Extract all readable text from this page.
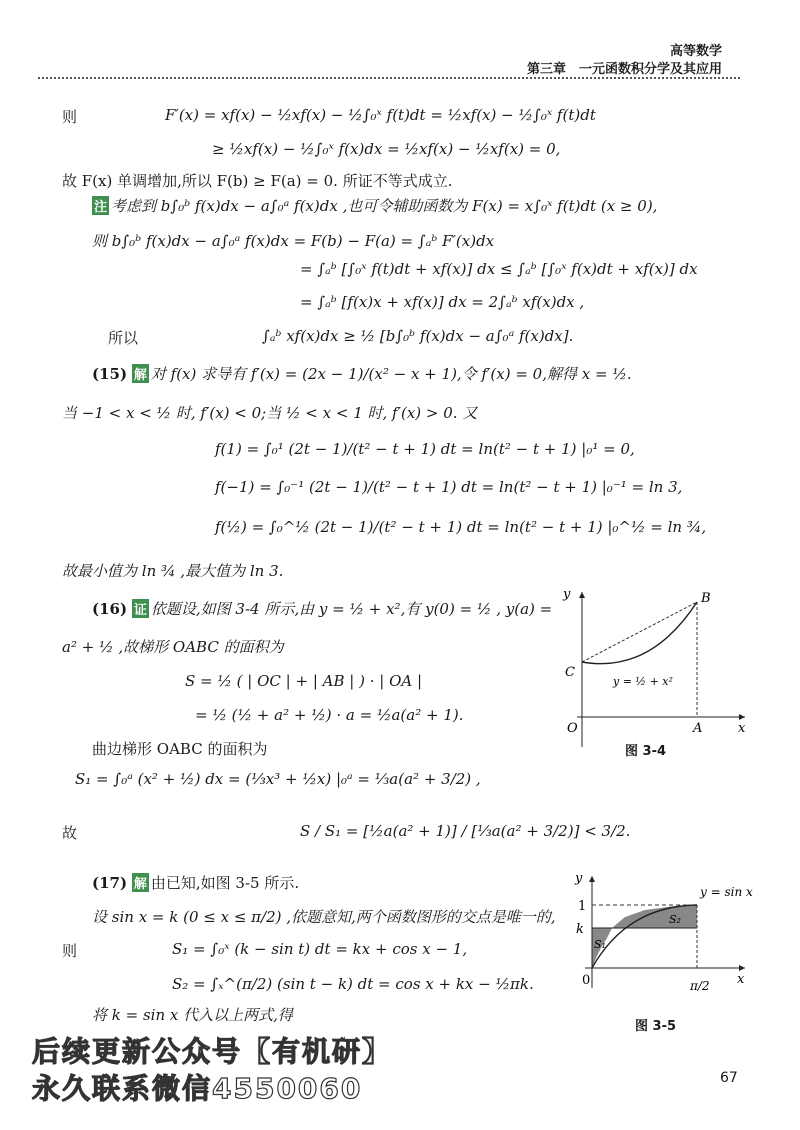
高等数学
第三章　一元函数积分学及其应用
则	F′(x) = xf(x) − ½xf(x) − ½∫₀ˣ f(t)dt = ½xf(x) − ½∫₀ˣ f(t)dt
≥ ½xf(x) − ½∫₀ˣ f(x)dx = ½xf(x) − ½xf(x) = 0,
故 F(x) 单调增加,所以 F(b) ≥ F(a) = 0. 所证不等式成立.
注 考虑到 b∫₀ᵇ f(x)dx − a∫₀ᵃ f(x)dx ,也可令辅助函数为 F(x) = x∫₀ˣ f(t)dt (x ≥ 0),
则 b∫₀ᵇ f(x)dx − a∫₀ᵃ f(x)dx = F(b) − F(a) = ∫ₐᵇ F′(x)dx
= ∫ₐᵇ [∫₀ˣ f(t)dt + xf(x)] dx ≤ ∫ₐᵇ [∫₀ˣ f(x)dt + xf(x)] dx
= ∫ₐᵇ [f(x)x + xf(x)] dx = 2∫ₐᵇ xf(x)dx ,
所以	∫ₐᵇ xf(x)dx ≥ ½ [b∫₀ᵇ f(x)dx − a∫₀ᵃ f(x)dx].
(15) 解 对 f(x) 求导有 f′(x) = (2x − 1)/(x² − x + 1),令 f′(x) = 0,解得 x = ½.
当 −1 < x < ½ 时, f′(x) < 0;当 ½ < x < 1 时, f′(x) > 0. 又
f(1) = ∫₀¹ (2t − 1)/(t² − t + 1) dt = ln(t² − t + 1) |₀¹ = 0,
f(−1) = ∫₀⁻¹ (2t − 1)/(t² − t + 1) dt = ln(t² − t + 1) |₀⁻¹ = ln 3,
f(½) = ∫₀^½ (2t − 1)/(t² − t + 1) dt = ln(t² − t + 1) |₀^½ = ln ¾,
故最小值为 ln ¾ ,最大值为 ln 3.
(16) 证 依题设,如图 3-4 所示,由 y = ½ + x²,有 y(0) = ½ , y(a) =
a² + ½ ,故梯形 OABC 的面积为
S = ½ ( | OC | + | AB | ) · | OA |
= ½ (½ + a² + ½) · a = ½a(a² + 1).
曲边梯形 OABC 的面积为
S₁ = ∫₀ᵃ (x² + ½) dx = (⅓x³ + ½x) |₀ᵃ = ⅓a(a² + 3/2) ,
故	S / S₁ = [½a(a² + 1)] / [⅓a(a² + 3/2)] < 3/2.
(17) 解 由已知,如图 3-5 所示.
设 sin x = k (0 ≤ x ≤ π/2) ,依题意知,两个函数图形的交点是唯一的,
则	S₁ = ∫₀ˣ (k − sin t) dt = kx + cos x − 1,
S₂ = ∫ₓ^(π/2) (sin t − k) dt = cos x + kx − ½πk.
将 k = sin x 代入以上两式,得
y
x
O	A
B
C
y = ½ + x²
图 3-4
y
x
0
1
k
π/2
y = sin x
S₁
S₂
图 3-5
后续更新公众号【有机研】
永久联系微信4550060	67
